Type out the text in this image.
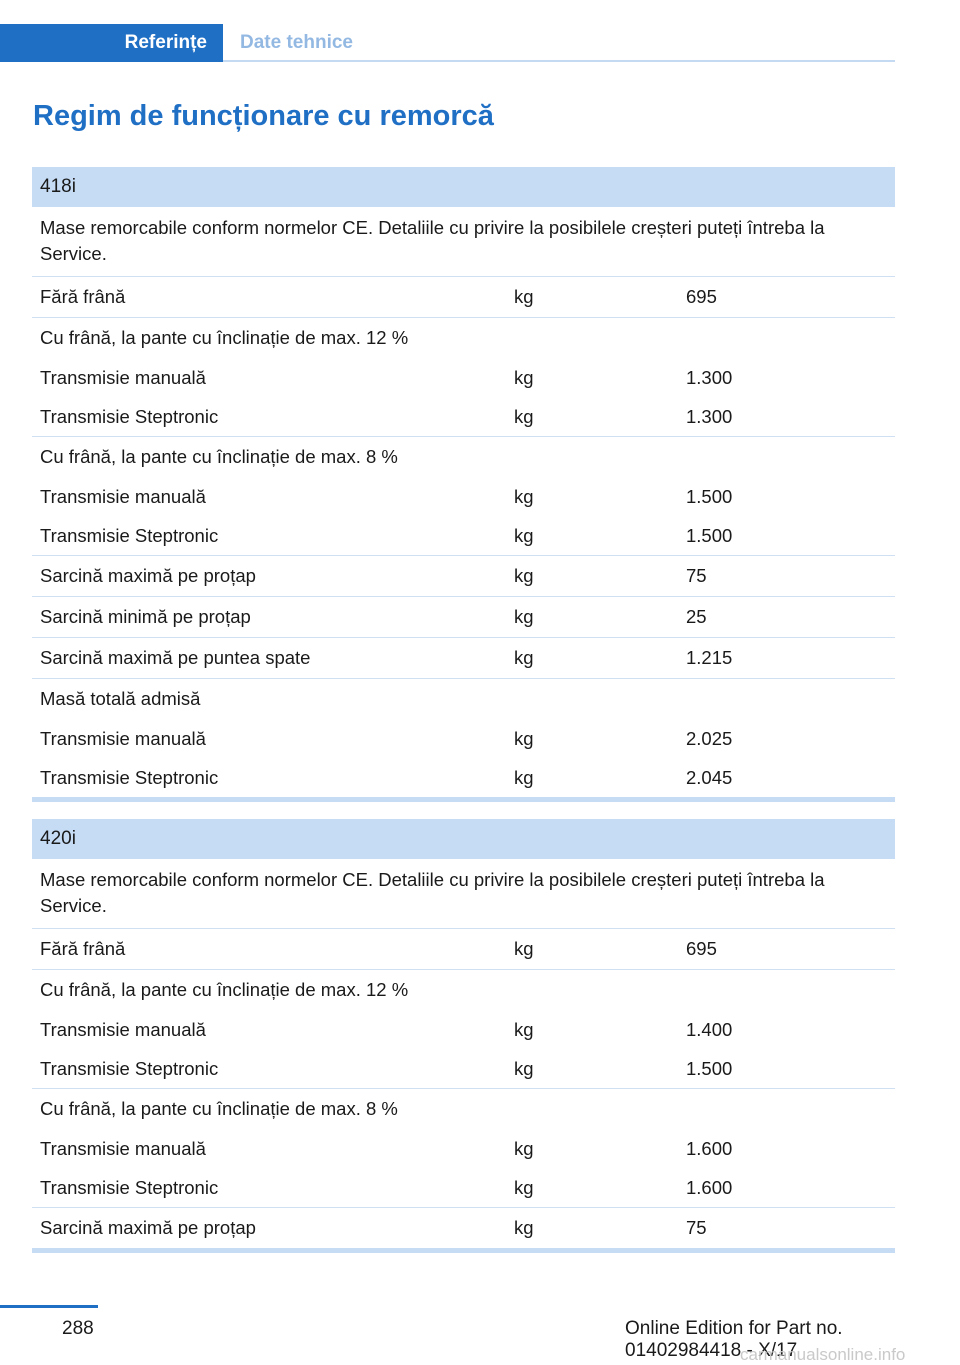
Referințe	Date tehnice
Regim de funcționare cu remorcă
418i
Mase remorcabile conform normelor CE. Detaliile cu privire la posibilele creșteri puteți întreba la Service.
Fără frână	kg	695
Cu frână, la pante cu înclinație de max. 12 %
Transmisie manuală	kg	1.300
Transmisie Steptronic	kg	1.300
Cu frână, la pante cu înclinație de max. 8 %
Transmisie manuală	kg	1.500
Transmisie Steptronic	kg	1.500
Sarcină maximă pe proțap	kg	75
Sarcină minimă pe proțap	kg	25
Sarcină maximă pe puntea spate	kg	1.215
Masă totală admisă
Transmisie manuală	kg	2.025
Transmisie Steptronic	kg	2.045
420i
Mase remorcabile conform normelor CE. Detaliile cu privire la posibilele creșteri puteți întreba la Service.
Fără frână	kg	695
Cu frână, la pante cu înclinație de max. 12 %
Transmisie manuală	kg	1.400
Transmisie Steptronic	kg	1.500
Cu frână, la pante cu înclinație de max. 8 %
Transmisie manuală	kg	1.600
Transmisie Steptronic	kg	1.600
Sarcină maximă pe proțap	kg	75
288	Online Edition for Part no. 01402984418 - X/17
carmanualsonline.info
